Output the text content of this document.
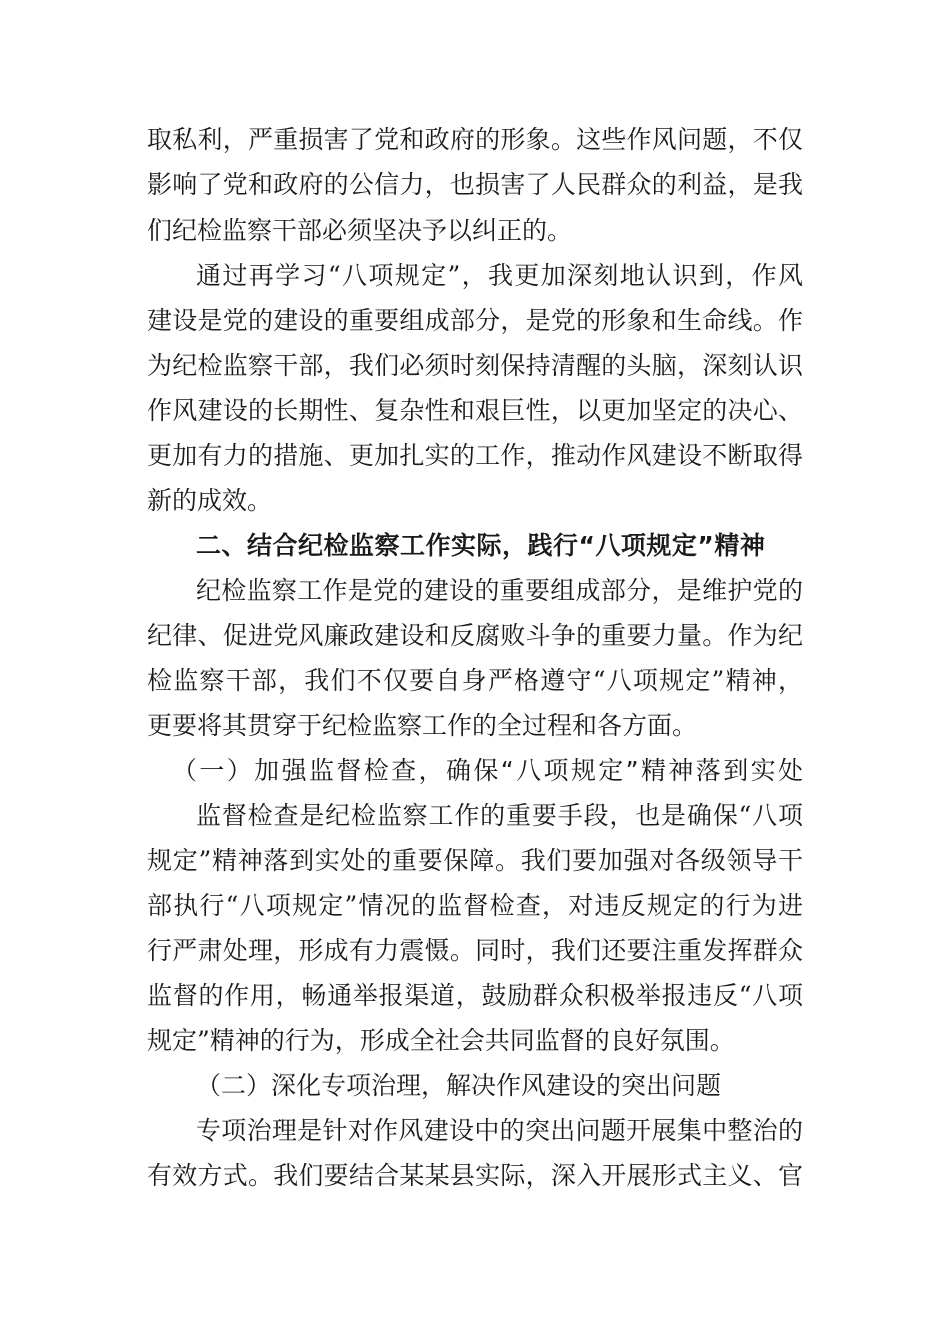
取私利，严重损害了党和政府的形象。这些作风问题，不仅
影响了党和政府的公信力，也损害了人民群众的利益，是我
们纪检监察干部必须坚决予以纠正的。
通过再学习“八项规定”，我更加深刻地认识到，作风
建设是党的建设的重要组成部分，是党的形象和生命线。作
为纪检监察干部，我们必须时刻保持清醒的头脑，深刻认识
作风建设的长期性、复杂性和艰巨性，以更加坚定的决心、
更加有力的措施、更加扎实的工作，推动作风建设不断取得
新的成效。
二、结合纪检监察工作实际，践行“八项规定”精神
纪检监察工作是党的建设的重要组成部分，是维护党的
纪律、促进党风廉政建设和反腐败斗争的重要力量。作为纪
检监察干部，我们不仅要自身严格遵守“八项规定”精神，
更要将其贯穿于纪检监察工作的全过程和各方面。
（一）加强监督检查，确保“八项规定”精神落到实处
监督检查是纪检监察工作的重要手段，也是确保“八项
规定”精神落到实处的重要保障。我们要加强对各级领导干
部执行“八项规定”情况的监督检查，对违反规定的行为进
行严肃处理，形成有力震慑。同时，我们还要注重发挥群众
监督的作用，畅通举报渠道，鼓励群众积极举报违反“八项
规定”精神的行为，形成全社会共同监督的良好氛围。
（二）深化专项治理，解决作风建设的突出问题
专项治理是针对作风建设中的突出问题开展集中整治的
有效方式。我们要结合某某县实际，深入开展形式主义、官
